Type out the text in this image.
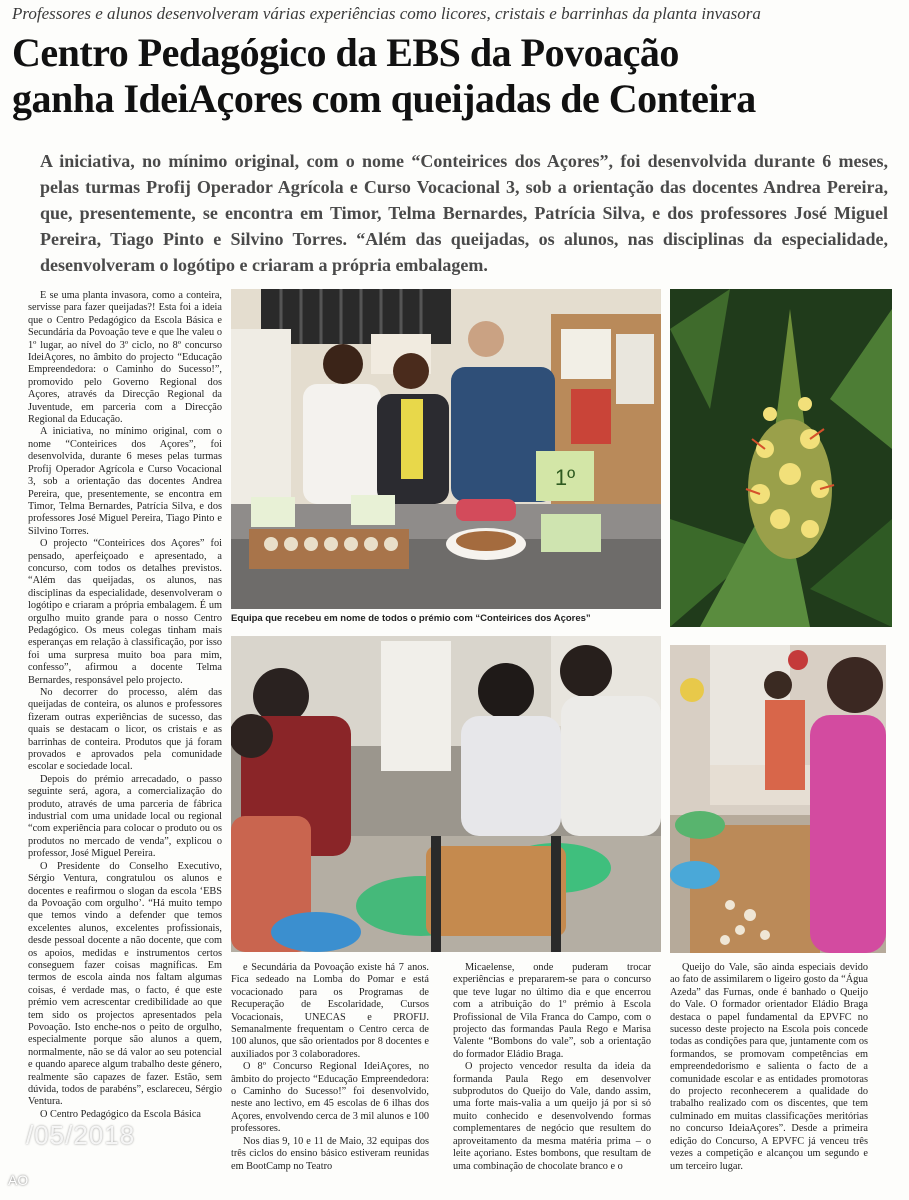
Professores e alunos desenvolveram várias experiências como licores, cristais e barrinhas da planta invasora
Centro Pedagógico da EBS da Povoação
ganha IdeiAçores com queijadas de Conteira
A iniciativa, no mínimo original, com o nome “Conteirices dos Açores”, foi desenvolvida durante 6 meses, pelas turmas Profij Operador Agrícola e Curso Vocacional 3, sob a orientação das docentes Andrea Pereira, que, presentemente, se encontra em Timor, Telma Bernardes, Patrícia Silva, e dos professores José Miguel Pereira, Tiago Pinto e Silvino Torres. “Além das queijadas, os alunos, nas disciplinas da especialidade, desenvolveram o logótipo e criaram a própria embalagem.

E se uma planta invasora, como a conteira, servisse para fazer queijadas?! Esta foi a ideia que o Centro Pedagógico da Escola Básica e Secundária da Povoação teve e que lhe valeu o 1º lugar, ao nível do 3º ciclo, no 8º concurso IdeiAçores, no âmbito do projecto “Educação Empreendedora: o Caminho do Sucesso!”, promovido pelo Governo Regional dos Açores, através da Direcção Regional da Juventude, em parceria com a Direcção Regional da Educação.

A iniciativa, no mínimo original, com o nome “Conteirices dos Açores”, foi desenvolvida, durante 6 meses pelas turmas Profij Operador Agrícola e Curso Vocacional 3, sob a orientação das docentes Andrea Pereira, que, presentemente, se encontra em Timor, Telma Bernardes, Patrícia Silva, e dos professores José Miguel Pereira, Tiago Pinto e Silvino Torres.

O projecto “Conteirices dos Açores” foi pensado, aperfeiçoado e apresentado, a concurso, com todos os detalhes previstos. “Além das queijadas, os alunos, nas disciplinas da especialidade, desenvolveram o logótipo e criaram a própria embalagem. É um orgulho muito grande para o nosso Centro Pedagógico. Os meus colegas tinham mais esperanças em relação à classificação, por isso foi uma surpresa muito boa para mim, confesso”, afirmou a docente Telma Bernardes, responsável pelo projecto.

No decorrer do processo, além das queijadas de conteira, os alunos e professores fizeram outras experiências de sucesso, das quais se destacam o licor, os cristais e as barrinhas de conteira. Produtos que já foram provados e aprovados pela comunidade escolar e sociedade local.

Depois do prémio arrecadado, o passo seguinte será, agora, a comercialização do produto, através de uma parceria de fábrica industrial com uma unidade local ou regional “com experiência para colocar o produto ou os produtos no mercado de venda”, explicou o professor, José Miguel Pereira.

O Presidente do Conselho Executivo, Sérgio Ventura, congratulou os alunos e docentes e reafirmou o slogan da escola ‘EBS da Povoação com orgulho’. “Há muito tempo que temos vindo a defender que temos excelentes alunos, excelentes profissionais, desde pessoal docente a não docente, que com os apoios, medidas e instrumentos certos conseguem fazer coisas magníficas. Em termos de escola ainda nos faltam algumas coisas, é verdade mas, o facto, é que este prémio vem acrescentar credibilidade ao que tem sido os projectos apresentados pela Povoação. Isto enche-nos o peito de orgulho, especialmente porque são alunos a quem, normalmente, não se dá valor ao seu potencial e quando aparece algum trabalho deste género, realmente são capazes de fazer. Estão, sem dúvida, todos de parabéns”, esclareceu, Sérgio Ventura.

O Centro Pedagógico da Escola Básica

1º
Equipa que recebeu em nome de todos o prémio com “Conteirices dos Açores”

e Secundária da Povoação existe há 7 anos. Fica sedeado na Lomba do Pomar e está vocacionado para os Programas de Recuperação de Escolaridade, Cursos Vocacionais, UNECAS e PROFIJ. Semanalmente frequentam o Centro cerca de 100 alunos, que são orientados por 8 docentes e auxiliados por 3 colaboradores.

O 8º Concurso Regional IdeiAçores, no âmbito do projecto “Educação Empreendedora: o Caminho do Sucesso!” foi desenvolvido, neste ano lectivo, em 45 escolas de 6 ilhas dos Açores, envolvendo cerca de 3 mil alunos e 100 professores.

Nos dias 9, 10 e 11 de Maio, 32 equipas dos três ciclos do ensino básico estiveram reunidas em BootCamp no Teatro

Micaelense, onde puderam trocar experiências e prepararem-se para o concurso que teve lugar no último dia e que encerrou com a atribuição do 1º prémio à Escola Profissional de Vila Franca do Campo, com o projecto das formandas Paula Rego e Marisa Valente “Bombons do vale”, sob a orientação do formador Eládio Braga.

O projecto vencedor resulta da ideia da formanda Paula Rego em desenvolver subprodutos do Queijo do Vale, dando assim, uma forte mais-valia a um queijo já por si só muito conhecido e desenvolvendo formas complementares de negócio que resultem do aproveitamento da mesma matéria prima – o leite açoriano. Estes bombons, que resultam de uma combinação de chocolate branco e o

Queijo do Vale, são ainda especiais devido ao fato de assimilarem o ligeiro gosto da “Água Azeda” das Furnas, onde é banhado o Queijo do Vale. O formador orientador Eládio Braga destaca o papel fundamental da EPVFC no sucesso deste projecto na Escola pois concede todas as condições para que, juntamente com os formandos, se promovam competências em empreendedorismo e salienta o facto de a comunidade escolar e as entidades promotoras do projecto reconhecerem a qualidade do trabalho realizado com os discentes, que tem culminado em muitas classificações meritórias no concurso IdeiaAçores”. Desde a primeira edição do Concurso, A EPVFC já venceu três vezes a competição e alcançou um segundo e um terceiro lugar.

/05/2018
AO
